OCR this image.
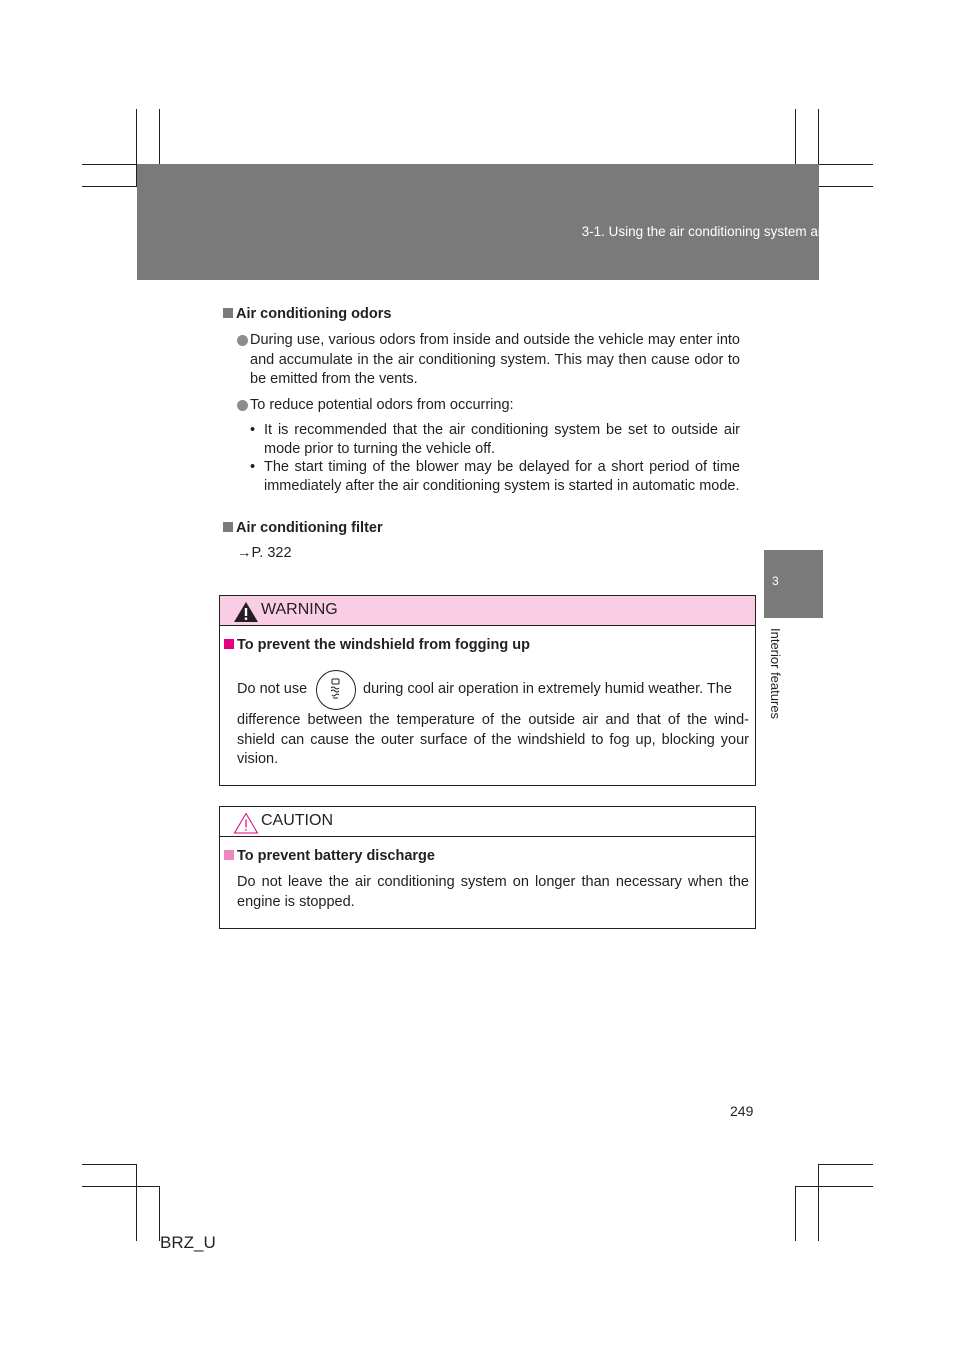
3-1. Using the air conditioning system and defogger
3
Interior features
Air conditioning odors
During use, various odors from inside and outside the vehicle may enter into and accumulate in the air conditioning system. This may then cause odor to be emitted from the vents.
To reduce potential odors from occurring:
• It is recommended that the air conditioning system be set to outside air mode prior to turning the vehicle off.
• The start timing of the blower may be delayed for a short period of time immediately after the air conditioning system is started in automatic mode.
Air conditioning filter
→P. 322
WARNING
To prevent the windshield from fogging up
difference between the temperature of the outside air and that of the wind-shield can cause the outer surface of the windshield to fog up, blocking your vision.
Do not use	during cool air operation in extremely humid weather. The
CAUTION
To prevent battery discharge
Do not leave the air conditioning system on longer than necessary when the engine is stopped.
249
BRZ_U
